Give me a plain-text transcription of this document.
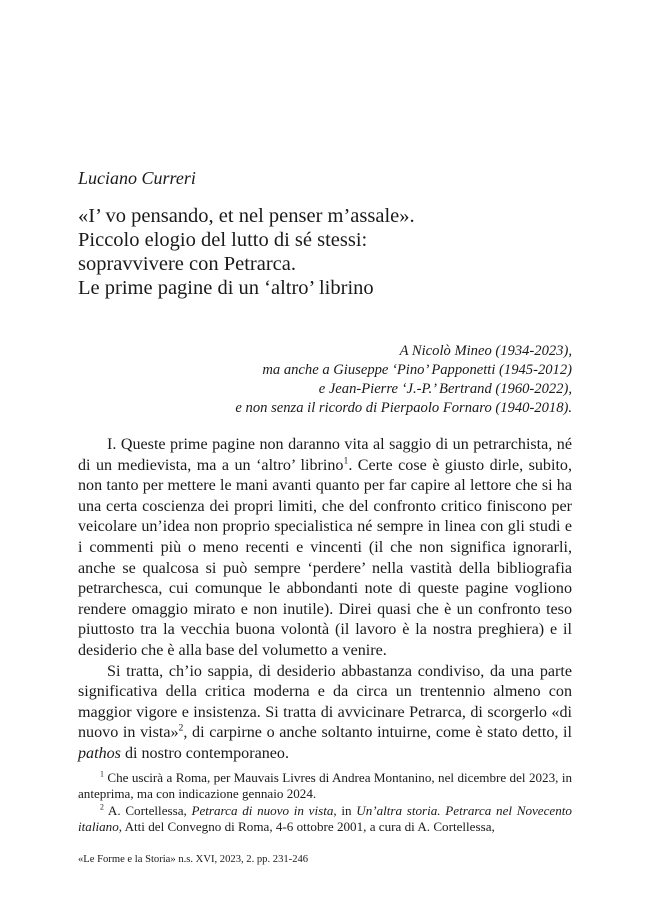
Luciano Curreri
«I’ vo pensando, et nel penser m’assale».
Piccolo elogio del lutto di sé stessi:
sopravvivere con Petrarca.
Le prime pagine di un ‘altro’ librino
A Nicolò Mineo (1934-2023),
ma anche a Giuseppe ‘Pino’ Papponetti (1945-2012)
e Jean-Pierre ‘J.-P.’ Bertrand (1960-2022),
e non senza il ricordo di Pierpaolo Fornaro (1940-2018).

I. Queste prime pagine non daranno vita al saggio di un petrarchista, né di un medievista, ma a un ‘altro’ librino$^1$. Certe cose è giusto dirle, subito, non tanto per mettere le mani avanti quanto per far capire al lettore che si ha una certa coscienza dei propri limiti, che del confronto critico finiscono per veicolare un’idea non proprio specialistica né sempre in linea con gli studi e i commenti più o meno recenti e vincenti (il che non significa ignorarli, anche se qualcosa si può sempre ‘perdere’ nella vastità della bibliografia petrarchesca, cui comunque le abbondanti note di queste pagine vogliono rendere omaggio mirato e non inutile). Direi quasi che è un confronto teso piuttosto tra la vecchia buona volontà (il lavoro è la nostra preghiera) e il desiderio che è alla base del volumetto a venire.

Si tratta, ch’io sappia, di desiderio abbastanza condiviso, da una parte significativa della critica moderna e da circa un trentennio almeno con maggior vigore e insistenza. Si tratta di avvicinare Petrarca, di scorgerlo «di nuovo in vista»$^2$, di carpirne o anche soltanto intuirne, come è stato detto, il pathos di nostro contemporaneo.

$^1$ Che uscirà a Roma, per Mauvais Livres di Andrea Montanino, nel dicembre del 2023, in anteprima, ma con indicazione gennaio 2024.

$^2$ A. Cortellessa, Petrarca di nuovo in vista, in Un’altra storia. Petrarca nel Novecento italiano, Atti del Convegno di Roma, 4-6 ottobre 2001, a cura di A. Cortellessa,

«Le Forme e la Storia» n.s. XVI, 2023, 2. pp. 231-246
